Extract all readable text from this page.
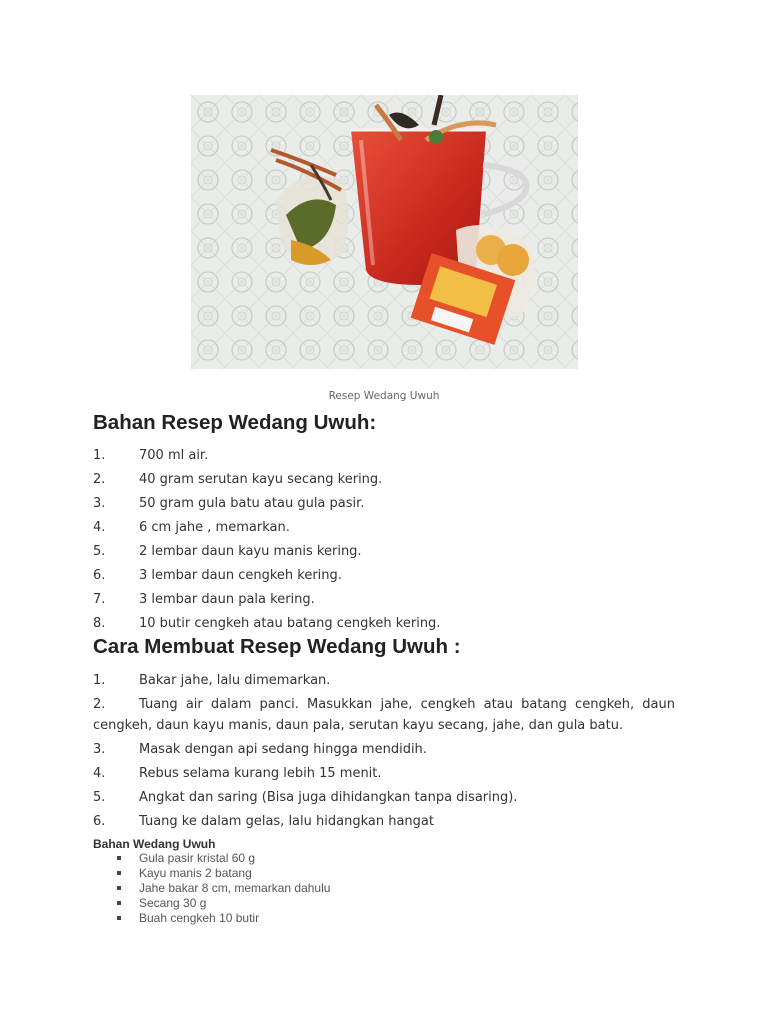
Resep Wedang Uwuh
Bahan Resep Wedang Uwuh:
1.	700 ml air.
2.	40 gram serutan kayu secang kering.
3.	50 gram gula batu atau gula pasir.
4.	6 cm jahe , memarkan.
5.	2 lembar daun kayu manis kering.
6.	3 lembar daun cengkeh kering.
7.	3 lembar daun pala kering.
8.	10 butir cengkeh atau batang cengkeh kering.
Cara Membuat Resep Wedang Uwuh :
1.	Bakar jahe, lalu dimemarkan.
2.	Tuang air dalam panci. Masukkan jahe, cengkeh atau batang cengkeh, daun cengkeh, daun kayu manis, daun pala, serutan kayu secang, jahe, dan gula batu.
3.	Masak dengan api sedang hingga mendidih.
4.	Rebus selama kurang lebih 15 menit.
5.	Angkat dan saring (Bisa juga dihidangkan tanpa disaring).
6.	Tuang ke dalam gelas, lalu hidangkan hangat
Bahan Wedang Uwuh
Gula pasir kristal 60 g
Kayu manis 2 batang
Jahe bakar 8 cm, memarkan dahulu
Secang 30 g
Buah cengkeh 10 butir
